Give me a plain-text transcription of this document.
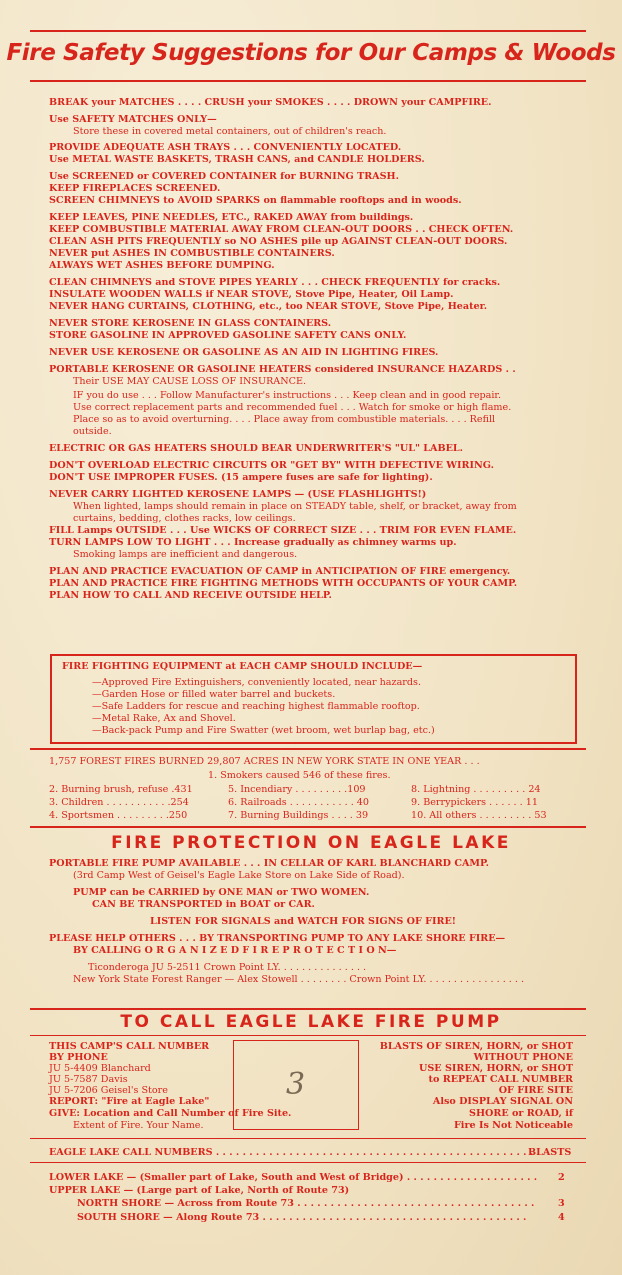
Fire Safety Suggestions for Our Camps & Woods
BREAK your MATCHES . . . . CRUSH your SMOKES . . . . DROWN your CAMPFIRE.
Use SAFETY MATCHES ONLY—
Store these in covered metal containers, out of children's reach.
PROVIDE ADEQUATE ASH TRAYS . . . CONVENIENTLY LOCATED.
Use METAL WASTE BASKETS, TRASH CANS, and CANDLE HOLDERS.
Use SCREENED or COVERED CONTAINER for BURNING TRASH.
KEEP FIREPLACES SCREENED.
SCREEN CHIMNEYS to AVOID SPARKS on flammable rooftops and in woods.
KEEP LEAVES, PINE NEEDLES, ETC., RAKED AWAY from buildings.
KEEP COMBUSTIBLE MATERIAL AWAY FROM CLEAN-OUT DOORS . . CHECK OFTEN.
CLEAN ASH PITS FREQUENTLY so NO ASHES pile up AGAINST CLEAN-OUT DOORS.
NEVER put ASHES IN COMBUSTIBLE CONTAINERS.
ALWAYS WET ASHES BEFORE DUMPING.
CLEAN CHIMNEYS and STOVE PIPES YEARLY . . . CHECK FREQUENTLY for cracks.
INSULATE WOODEN WALLS if NEAR STOVE, Stove Pipe, Heater, Oil Lamp.
NEVER HANG CURTAINS, CLOTHING, etc., too NEAR STOVE, Stove Pipe, Heater.
NEVER STORE KEROSENE IN GLASS CONTAINERS.
STORE GASOLINE IN APPROVED GASOLINE SAFETY CANS ONLY.
NEVER USE KEROSENE OR GASOLINE AS AN AID IN LIGHTING FIRES.
PORTABLE KEROSENE OR GASOLINE HEATERS considered INSURANCE HAZARDS . .
Their USE MAY CAUSE LOSS OF INSURANCE.
IF you do use . . . Follow Manufacturer's instructions . . . Keep clean and in good repair.
Use correct replacement parts and recommended fuel . . . Watch for smoke or high flame.
Place so as to avoid overturning. . . . Place away from combustible materials. . . . Refill
outside.
ELECTRIC OR GAS HEATERS SHOULD BEAR UNDERWRITER'S "UL" LABEL.
DON'T OVERLOAD ELECTRIC CIRCUITS OR "GET BY" WITH DEFECTIVE WIRING.
DON'T USE IMPROPER FUSES. (15 ampere fuses are safe for lighting).
NEVER CARRY LIGHTED KEROSENE LAMPS — (USE FLASHLIGHTS!)
When lighted, lamps should remain in place on STEADY table, shelf, or bracket, away from
curtains, bedding, clothes racks, low ceilings.
FILL Lamps OUTSIDE . . . Use WICKS OF CORRECT SIZE . . . TRIM FOR EVEN FLAME.
TURN LAMPS LOW TO LIGHT . . . Increase gradually as chimney warms up.
Smoking lamps are inefficient and dangerous.
PLAN AND PRACTICE EVACUATION OF CAMP in ANTICIPATION OF FIRE emergency.
PLAN AND PRACTICE FIRE FIGHTING METHODS WITH OCCUPANTS OF YOUR CAMP.
PLAN HOW TO CALL AND RECEIVE OUTSIDE HELP.
FIRE FIGHTING EQUIPMENT at EACH CAMP SHOULD INCLUDE—
—Approved Fire Extinguishers, conveniently located, near hazards.
—Garden Hose or filled water barrel and buckets.
—Safe Ladders for rescue and reaching highest flammable rooftop.
—Metal Rake, Ax and Shovel.
—Back-pack Pump and Fire Swatter (wet broom, wet burlap bag, etc.)
1,757 FOREST FIRES BURNED 29,807 ACRES IN NEW YORK STATE IN ONE YEAR . . .
1. Smokers caused 546 of these fires.
2. Burning brush, refuse .431	5. Incendiary . . . . . . . . .109	8. Lightning . . . . . . . . . 24
3. Children . . . . . . . . . . .254	6. Railroads . . . . . . . . . . . 40	9. Berrypickers . . . . . . 11
4. Sportsmen . . . . . . . . .250	7. Burning Buildings . . . . 39	10. All others . . . . . . . . . 53
FIRE PROTECTION ON EAGLE LAKE
PORTABLE FIRE PUMP AVAILABLE . . . IN CELLAR OF KARL BLANCHARD CAMP.
(3rd Camp West of Geisel's Eagle Lake Store on Lake Side of Road).
PUMP can be CARRIED by ONE MAN or TWO WOMEN.
CAN BE TRANSPORTED in BOAT or CAR.
LISTEN FOR SIGNALS and WATCH FOR SIGNS OF FIRE!
PLEASE HELP OTHERS . . . BY TRANSPORTING PUMP TO ANY LAKE SHORE FIRE—
BY CALLING O R G A N I Z E D F I R E P R O T E C T I O N—
Ticonderoga JU 5-2511 Crown Point LY. . . . . . . . . . . . . . .
New York State Forest Ranger — Alex Stowell . . . . . . . . Crown Point LY. . . . . . . . . . . . . . . . .
TO CALL EAGLE LAKE FIRE PUMP
THIS CAMP'S CALL NUMBER
BY PHONE
JU 5-4409 Blanchard
JU 5-7587 Davis
JU 5-7206 Geisel's Store
REPORT: "Fire at Eagle Lake"
GIVE: Location and Call Number of Fire Site.
Extent of Fire. Your Name.
3
BLASTS OF SIREN, HORN, or SHOT
WITHOUT PHONE
USE SIREN, HORN, or SHOT
to REPEAT CALL NUMBER
OF FIRE SITE
Also DISPLAY SIGNAL ON
SHORE or ROAD, if
Fire Is Not Noticeable
EAGLE LAKE CALL NUMBERS . . . . . . . . . . . . . . . . . . . . . . . . . . . . . . . . . . . . . . . . . . . . . . . . .
BLASTS
LOWER LAKE — (Smaller part of Lake, South and West of Bridge) . . . . . . . . . . . . . . . . . . . . 2
UPPER LAKE — (Large part of Lake, North of Route 73)
NORTH SHORE — Across from Route 73 . . . . . . . . . . . . . . . . . . . . . . . . . . . . . . . . . . . . 3
SOUTH SHORE — Along Route 73 . . . . . . . . . . . . . . . . . . . . . . . . . . . . . . . . . . . . . . . .	4
